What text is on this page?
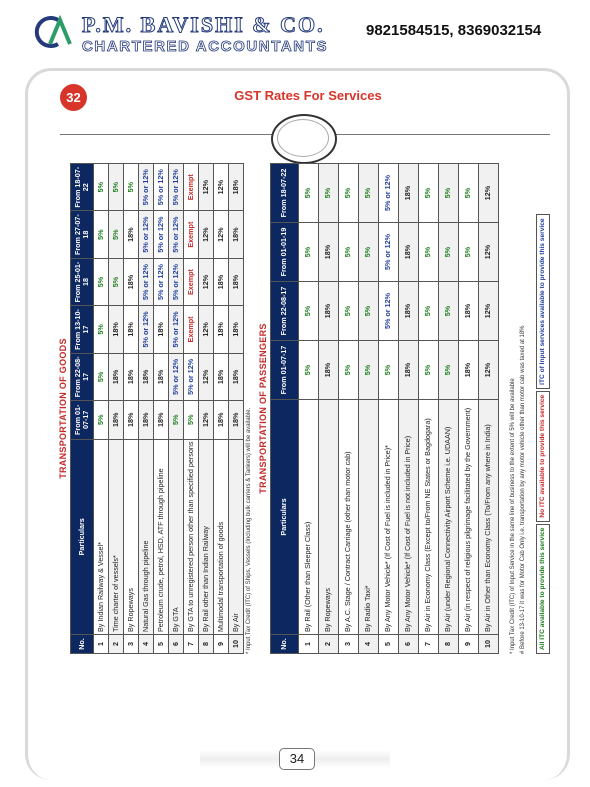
P.M. BAVISHI & CO.
CHARTERED ACCOUNTANTS
9821584515, 8369032154
32	GST Rates For Services
TRANSPORTATION OF GOODS
No.	Particulars	From 01-07-17	From 22-08-17	From 13-10-17	From 25-01-18	From 27-07-18	From 18-07-22
1	By Indian Railway & Vessel*	5%	5%	5%	5%	5%	5%
2	Time charter of vessels*	18%	18%	18%	5%	5%	5%
3	By Ropeways	18%	18%	18%	18%	18%	5%
4	Natural Gas through pipeline	18%	18%	5% or 12%	5% or 12%	5% or 12%	5% or 12%
5	Petroleum crude, petrol, HSD, ATF through pipeline	18%	18%	18%	5% or 12%	5% or 12%	5% or 12%
6	By GTA	5%	5% or 12%	5% or 12%	5% or 12%	5% or 12%	5% or 12%
7	By GTA to unregistered person other than specified persons	5%	5% or 12%	Exempt	Exempt	Exempt	Exempt
8	By Rail other than Indian Railway	12%	12%	12%	12%	12%	12%
9	Multimodal transportation of goods	18%	18%	18%	18%	12%	12%
10	By Air	18%	18%	18%	18%	18%	18%
* Input Tax Credit (ITC) of Ships, Vessels (Including bulk carriers & Tankers) will be available. TRANSPORTATION OF PASSENGERS
No.	Particulars	From 01-07-17	From 22-08-17	From 01-01-19	From 18-07-22
1	By Rail (Other than Sleeper Class)	5%	5%	5%	5%
2	By Ropeways	18%	18%	18%	5%
3	By A.C. Stage / Contract Carriage (other than motor cab)	5%	5%	5%	5%
4	By Radio Taxi*	5%	5%	5%	5%
5	By Any Motor Vehicle* (If Cost of Fuel is included in Price)*	5%	5% or 12%	5% or 12%	5% or 12%
6	By Any Motor Vehicle* (If Cost of Fuel is not included in Price)	18%	18%	18%	18%
7	By Air in Economy Class (Except to/From NE States or Bagdogara)	5%	5%	5%	5%
8	By Air (under Regional Connectivity Airport Scheme i.e. UDAAN)	5%	5%	5%	5%
9	By Air (in respect of religious pilgrimage facilitated by the Government)	18%	18%	5%	5%
10	By Air in Other than Economy Class (To/From any where in India)	12%	12%	12%	12%
* Input Tax Credit (ITC) of Input Service in the same line of business to the extent of 5% will be available # Before 13-10-17 it was for Motor Cab Only i.e. transportation by any motor vehicle other than motor cab was taxed at 18%	All ITC available to provide this service
No ITC available to provide this service
ITC of Input services available to provide this service
34
